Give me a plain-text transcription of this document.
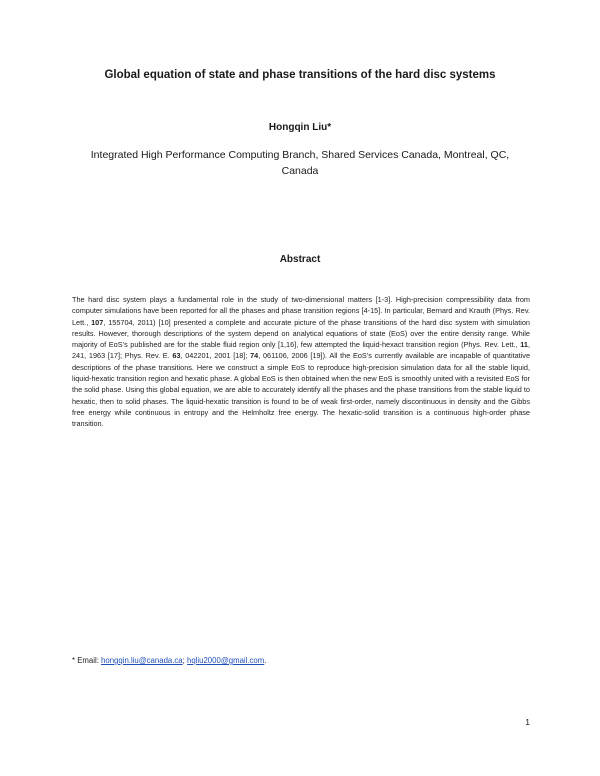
Global equation of state and phase transitions of the hard disc systems
Hongqin Liu*
Integrated High Performance Computing Branch, Shared Services Canada, Montreal, QC, Canada
Abstract
The hard disc system plays a fundamental role in the study of two-dimensional matters [1-3]. High-precision compressibility data from computer simulations have been reported for all the phases and phase transition regions [4-15]. In particular, Bernard and Krauth (Phys. Rev. Lett., 107, 155704, 2011) [10] presented a complete and accurate picture of the phase transitions of the hard disc system with simulation results. However, thorough descriptions of the system depend on analytical equations of state (EoS) over the entire density range. While majority of EoS’s published are for the stable fluid region only [1,16], few attempted the liquid-hexact transition region (Phys. Rev. Lett., 11, 241, 1963 [17]; Phys. Rev. E. 63, 042201, 2001 [18]; 74, 061106, 2006 [19]). All the EoS’s currently available are incapable of quantitative descriptions of the phase transitions. Here we construct a simple EoS to reproduce high-precision simulation data for all the stable liquid, liquid-hexatic transition region and hexatic phase. A global EoS is then obtained when the new EoS is smoothly united with a revisited EoS for the solid phase. Using this global equation, we are able to accurately identify all the phases and the phase transitions from the stable liquid to hexatic, then to solid phases. The liquid-hexatic transition is found to be of weak first-order, namely discontinuous in density and the Gibbs free energy while continuous in entropy and the Helmholtz free energy. The hexatic-solid transition is a continuous high-order phase transition.
* Email: hongqin.liu@canada.ca; hqliu2000@gmail.com.
1
